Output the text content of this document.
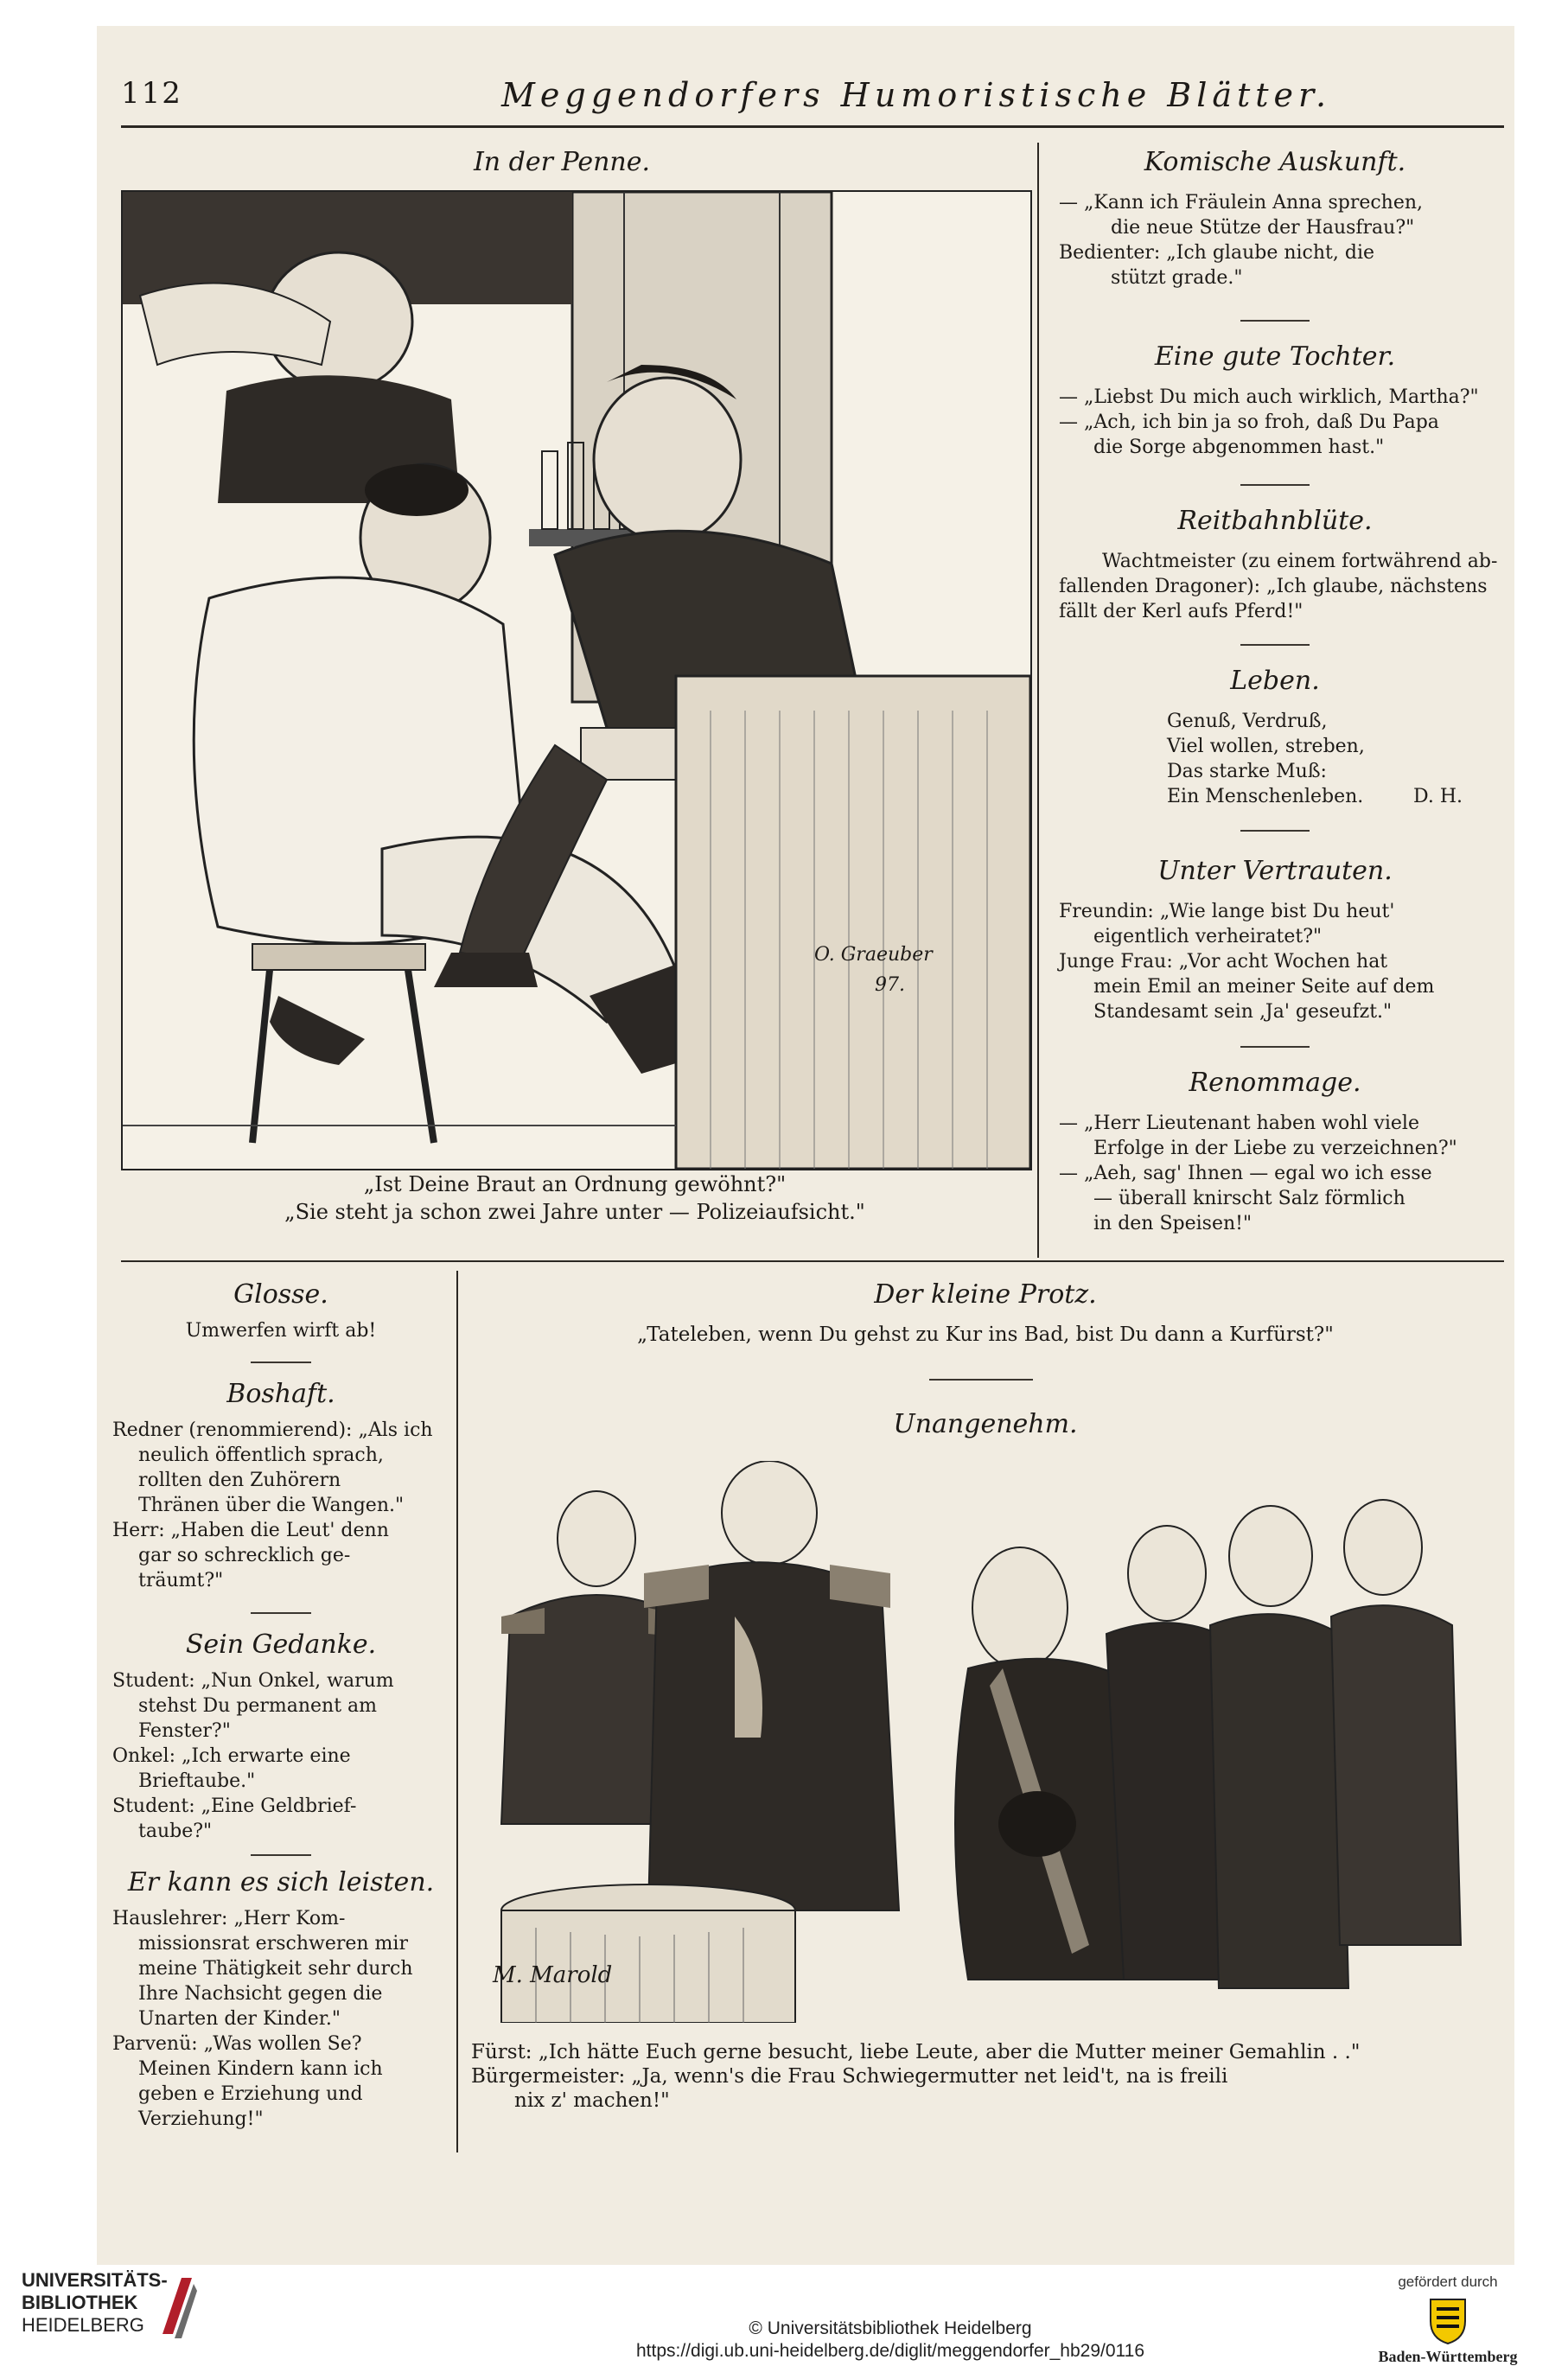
112	Meggendorfers Humoristische Blätter.
In der Penne.
O. Graeuber
97.
„Ist Deine Braut an Ordnung gewöhnt?"
„Sie steht ja schon zwei Jahre unter — Polizeiaufsicht."
Komische Auskunft.
— „Kann ich Fräulein Anna sprechen,
die neue Stütze der Hausfrau?"
Bedienter: „Ich glaube nicht, die
stützt grade."
Eine gute Tochter.
— „Liebst Du mich auch wirklich, Martha?"
— „Ach, ich bin ja so froh, daß Du Papa
die Sorge abgenommen hast."
Reitbahnblüte.
Wachtmeister (zu einem fortwährend ab-
fallenden Dragoner): „Ich glaube, nächstens
fällt der Kerl aufs Pferd!"
Leben.
Genuß, Verdruß,
Viel wollen, streben,
Das starke Muß:
Ein Menschenleben.	D. H.
Unter Vertrauten.
Freundin: „Wie lange bist Du heut'
eigentlich verheiratet?"
Junge Frau: „Vor acht Wochen hat
mein Emil an meiner Seite auf dem
Standesamt sein ‚Ja' geseufzt."
Renommage.
— „Herr Lieutenant haben wohl viele
Erfolge in der Liebe zu verzeichnen?"
— „Aeh, sag' Ihnen — egal wo ich esse
— überall knirscht Salz förmlich
in den Speisen!"
Glosse.
Umwerfen wirft ab!
Boshaft.
Redner (renommierend): „Als ich
neulich öffentlich sprach,
rollten den Zuhörern
Thränen über die Wangen."
Herr: „Haben die Leut' denn
gar so schrecklich ge-
träumt?"
Sein Gedanke.
Student: „Nun Onkel, warum
stehst Du permanent am
Fenster?"
Onkel: „Ich erwarte eine
Brieftaube."
Student: „Eine Geldbrief-
taube?"
Er kann es sich leisten.
Hauslehrer: „Herr Kom-
missionsrat erschweren mir
meine Thätigkeit sehr durch
Ihre Nachsicht gegen die
Unarten der Kinder."
Parvenü: „Was wollen Se?
Meinen Kindern kann ich
geben e Erziehung und
Verziehung!"
Der kleine Protz.
„Tateleben, wenn Du gehst zu Kur ins Bad, bist Du dann a Kurfürst?"
Unangenehm.
M. Marold
Fürst: „Ich hätte Euch gerne besucht, liebe Leute, aber die Mutter meiner Gemahlin . ."
Bürgermeister: „Ja, wenn's die Frau Schwiegermutter net leid't, na is freili
nix z' machen!"
UNIVERSITÄTS-
BIBLIOTHEK
HEIDELBERG	© Universitätsbibliothek Heidelberg
https://digi.ub.uni-heidelberg.de/diglit/meggendorfer_hb29/0116
gefördert durch
Baden-Württemberg
